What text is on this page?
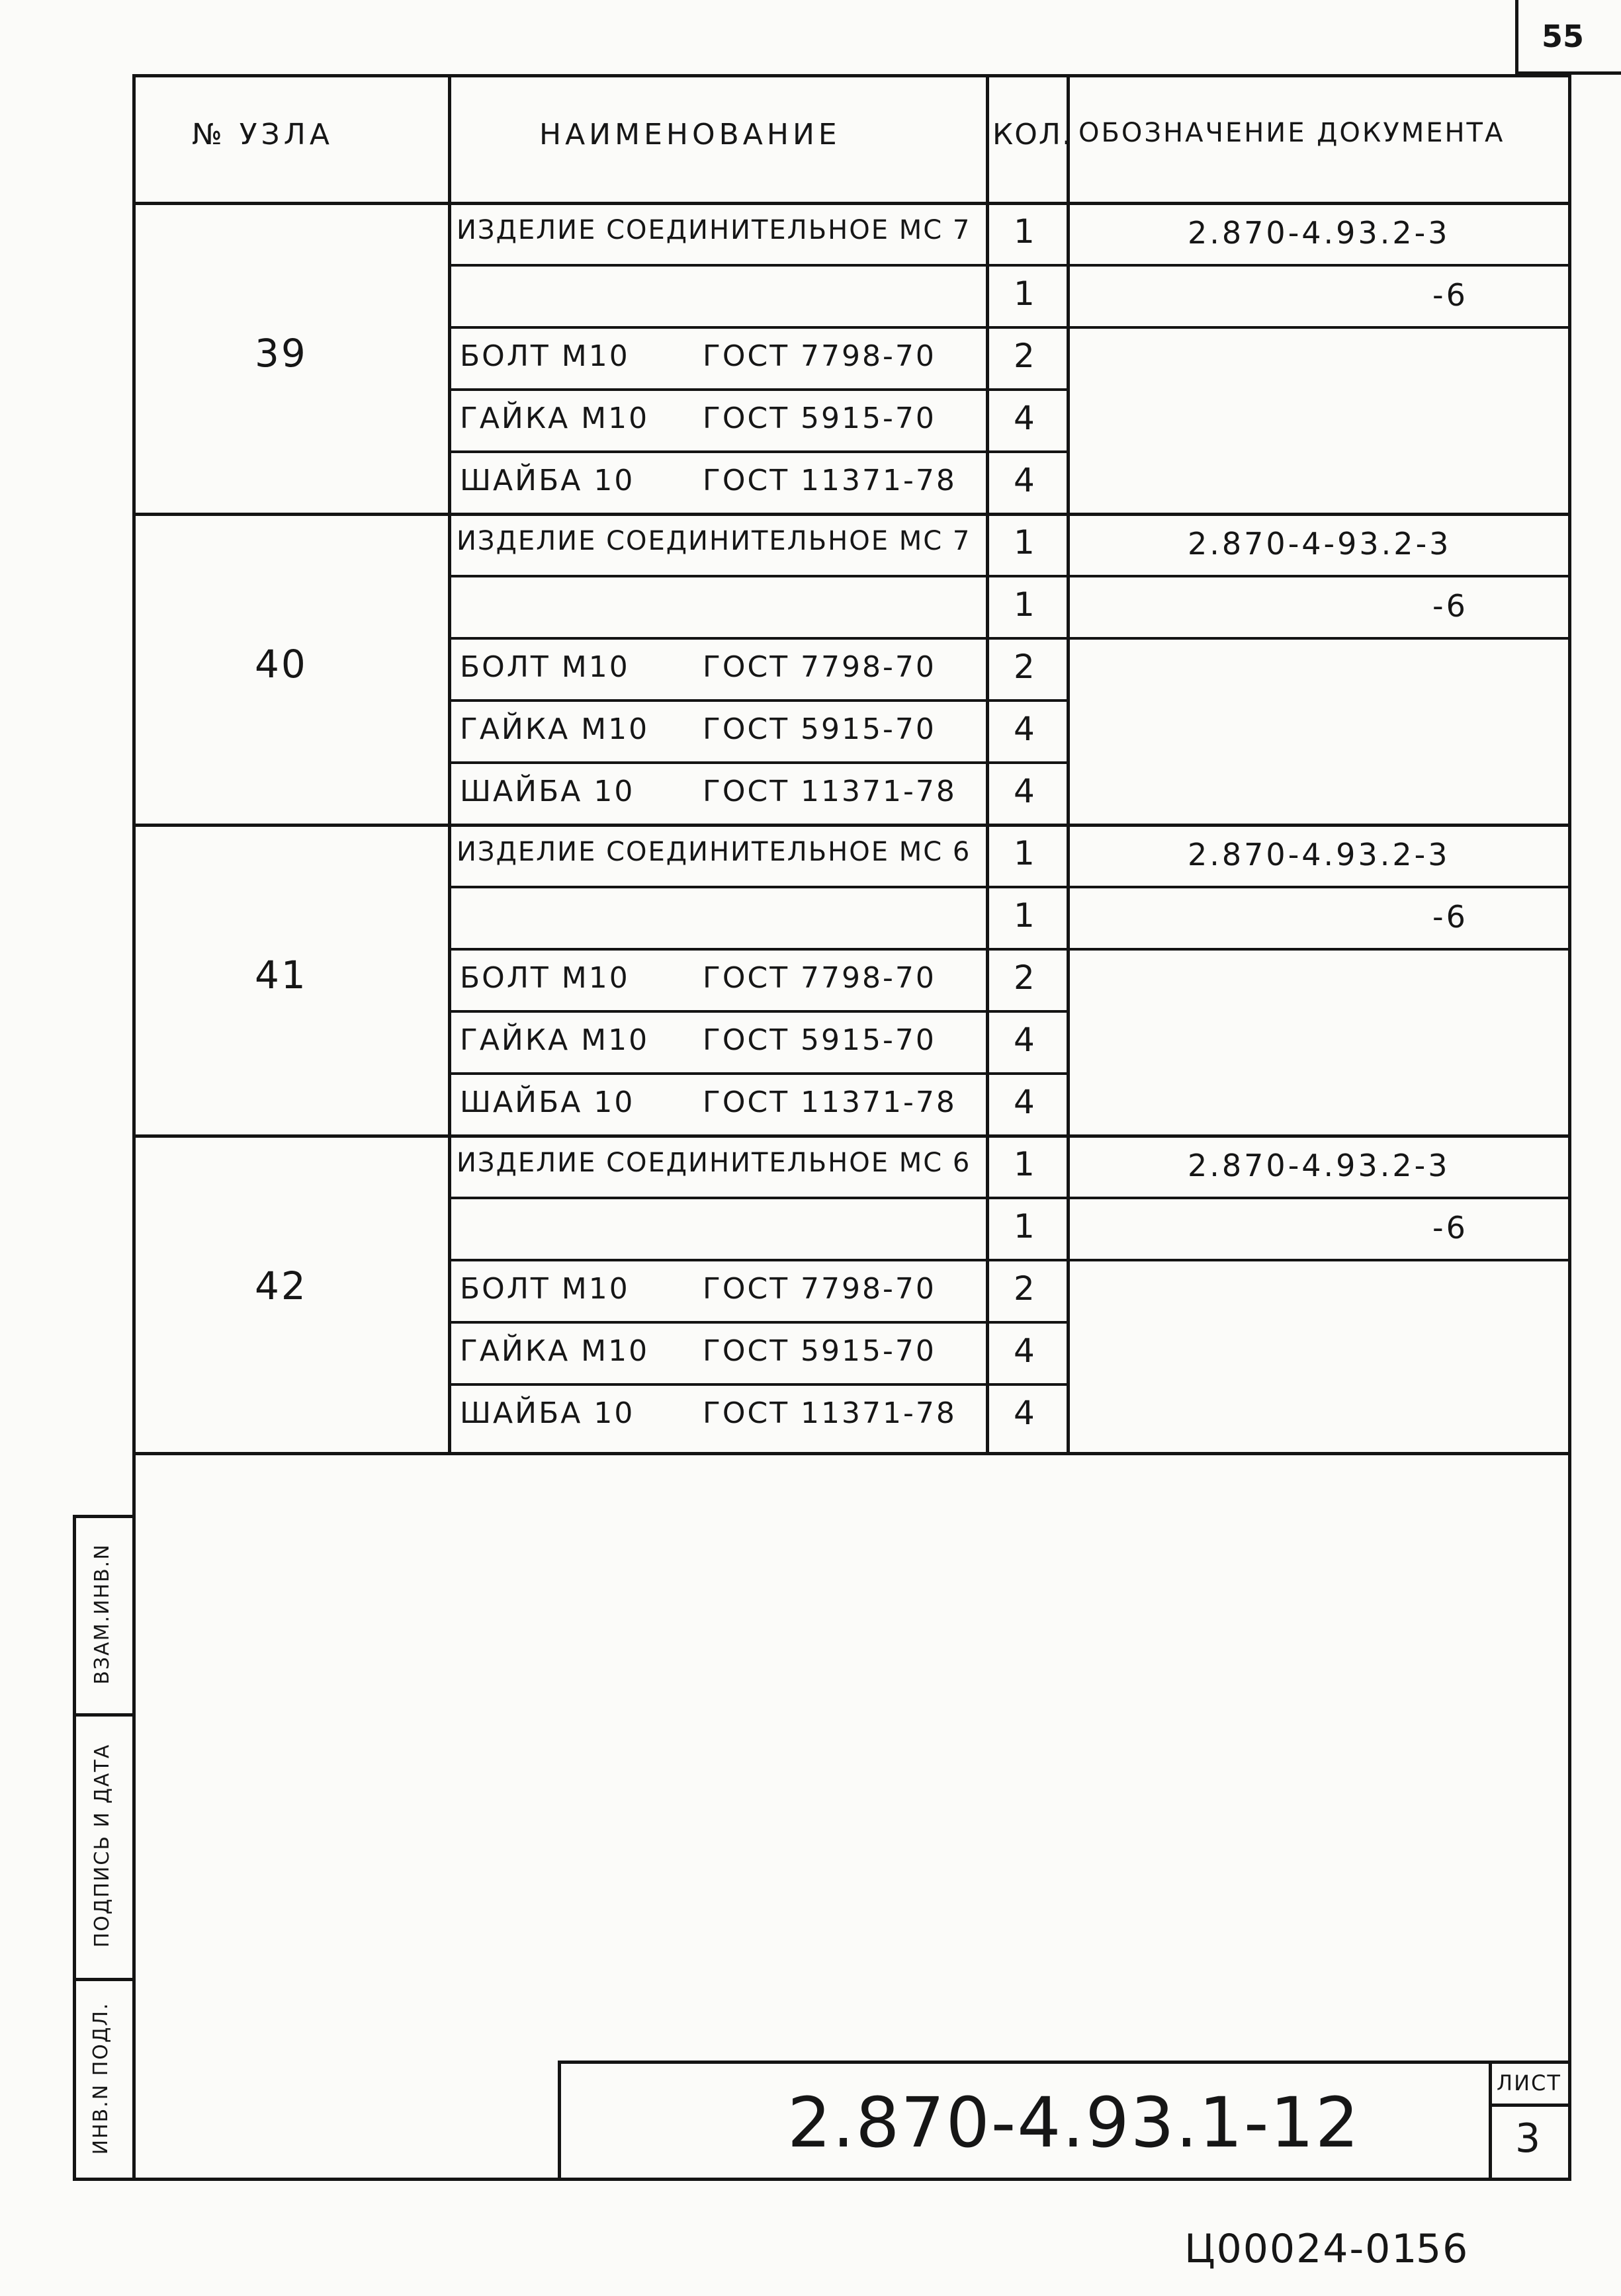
55
№ УЗЛА	НАИМЕНОВАНИЕ	КОЛ. ОБОЗНАЧЕНИЕ ДОКУМЕНТА
39
ИЗДЕЛИЕ СОЕДИНИТЕЛЬНОЕ МС 7 1	2.870-4.93.2-3
1	-6
БОЛТ М10	ГОСТ 7798-70 2
ГАЙКА М10 ГОСТ 5915-70 4
ШАЙБА 10 ГОСТ 11371-78 4
40
ИЗДЕЛИЕ СОЕДИНИТЕЛЬНОЕ МС 7 1	2.870-4-93.2-3
1	-6
БОЛТ М10	ГОСТ 7798-70 2
ГАЙКА М10 ГОСТ 5915-70 4
ШАЙБА 10 ГОСТ 11371-78 4
41
ИЗДЕЛИЕ СОЕДИНИТЕЛЬНОЕ МС 6 1	2.870-4.93.2-3
1	-6
БОЛТ М10	ГОСТ 7798-70 2
ГАЙКА М10 ГОСТ 5915-70 4
ШАЙБА 10 ГОСТ 11371-78 4
42
ИЗДЕЛИЕ СОЕДИНИТЕЛЬНОЕ МС 6 1	2.870-4.93.2-3
1	-6
БОЛТ М10	ГОСТ 7798-70 2
ГАЙКА М10 ГОСТ 5915-70 4
ШАЙБА 10 ГОСТ 11371-78 4
ИНВ.N ПОДЛ.
ПОДПИСЬ И ДАТА
ВЗАМ.ИНВ.N
2.870-4.93.1-12	ЛИСТ
3
Ц00024-01
56
